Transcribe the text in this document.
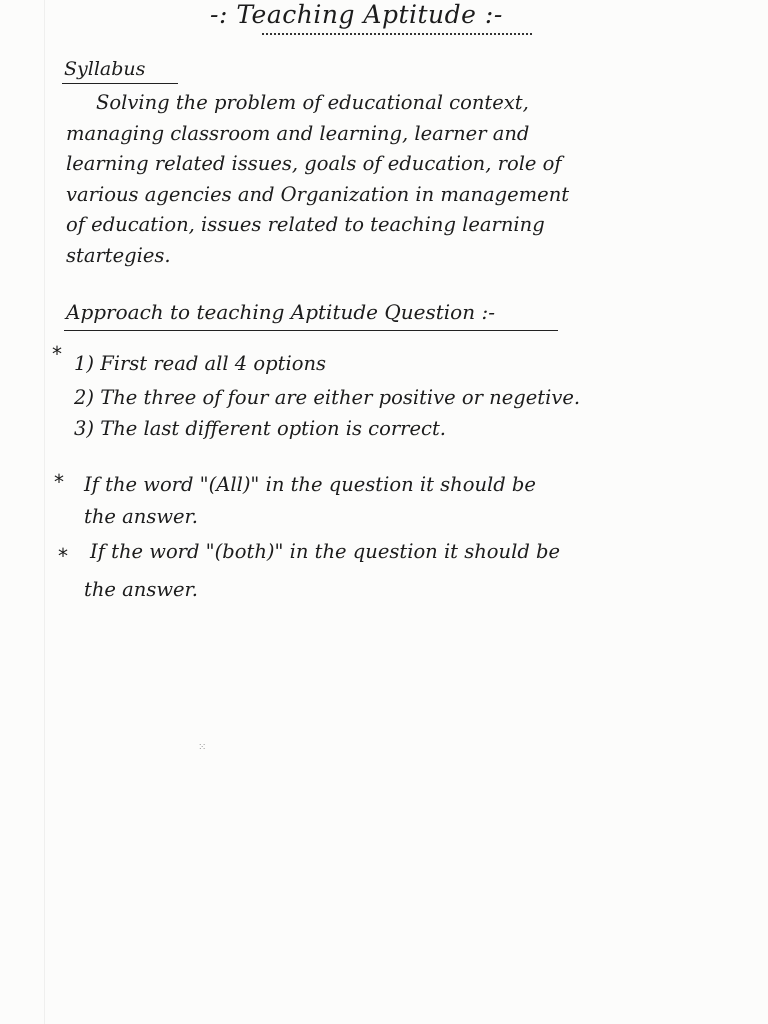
-: Teaching Aptitude :-
Syllabus
Solving the problem of educational context,
managing classroom and learning, learner and
learning related issues, goals of education, role of
various agencies and Organization in management
of education, issues related to teaching learning
startegies.
Approach to teaching Aptitude Question :-
* 1) First read all 4 options
2) The three of four are either positive or negetive.
3) The last different option is correct.
* If the word "(All)" in the question it should be
the answer.
* If the word "(both)" in the question it should be
the answer.
⁙
